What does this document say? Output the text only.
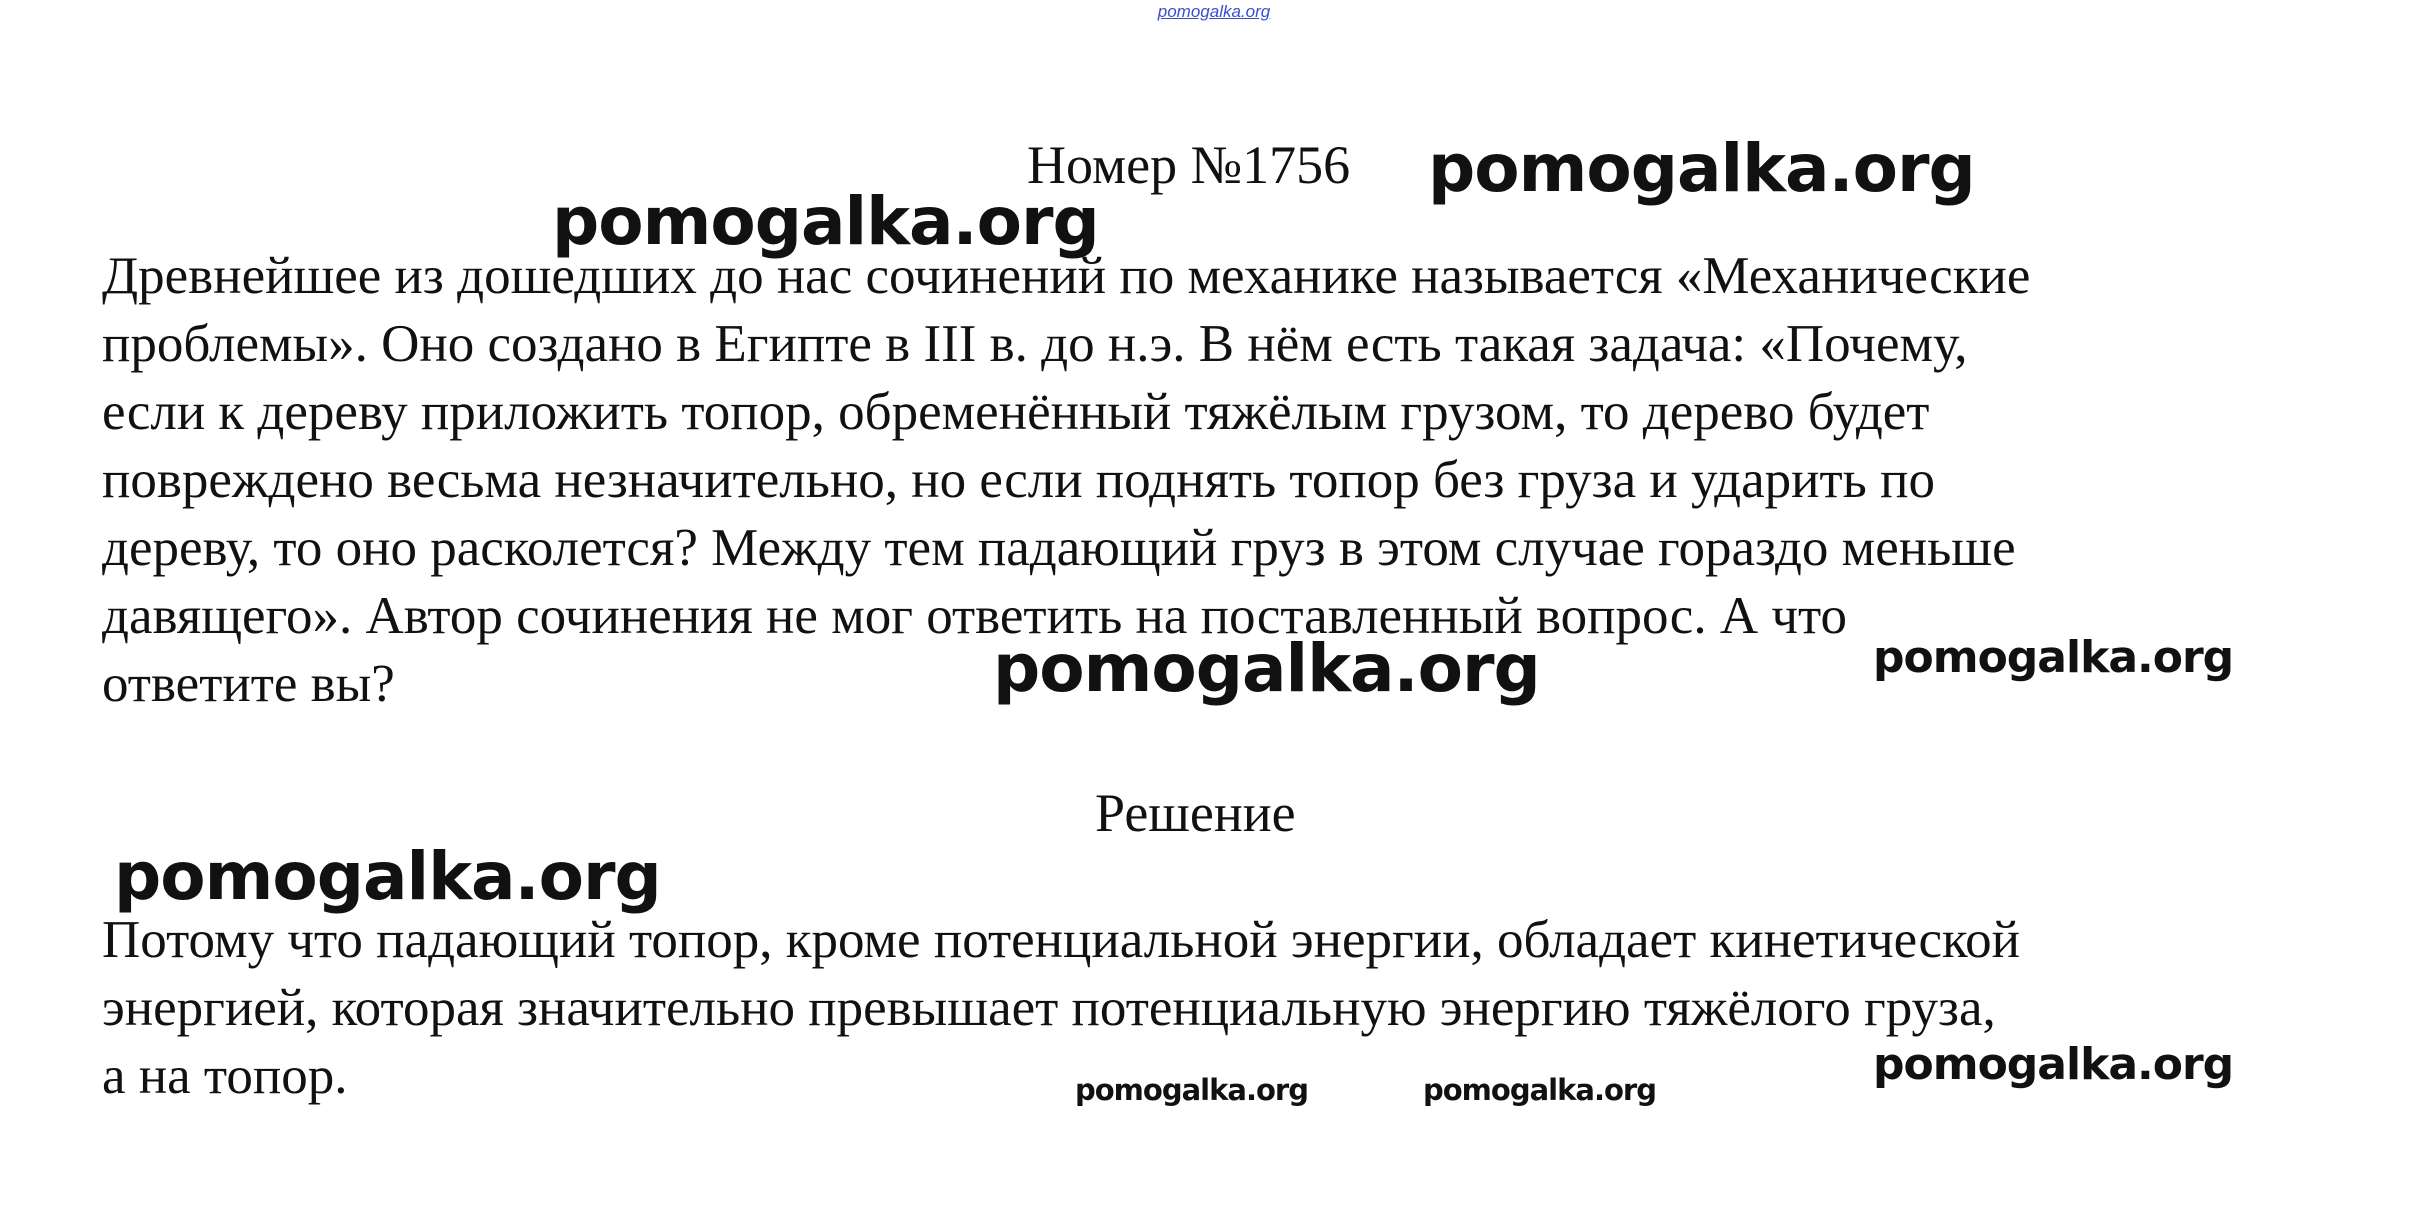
pomogalka.org
Номер №1756
Древнейшее из дошедших до нас сочинений по механике называется «Механические
проблемы». Оно создано в Египте в III в. до н.э. В нём есть такая задача: «Почему,
если к дереву приложить топор, обременённый тяжёлым грузом, то дерево будет
повреждено весьма незначительно, но если поднять топор без груза и ударить по
дереву, то оно расколется? Между тем падающий груз в этом случае гораздо меньше
давящего». Автор сочинения не мог ответить на поставленный вопрос. А что
ответите вы?
Решение
Потому что падающий топор, кроме потенциальной энергии, обладает кинетической
энергией, которая значительно превышает потенциальную энергию тяжёлого груза,
а на топор.
pomogalka.org
pomogalka.org
pomogalka.org	pomogalka.org
pomogalka.org
pomogalka.org
pomogalka.org	pomogalka.org
